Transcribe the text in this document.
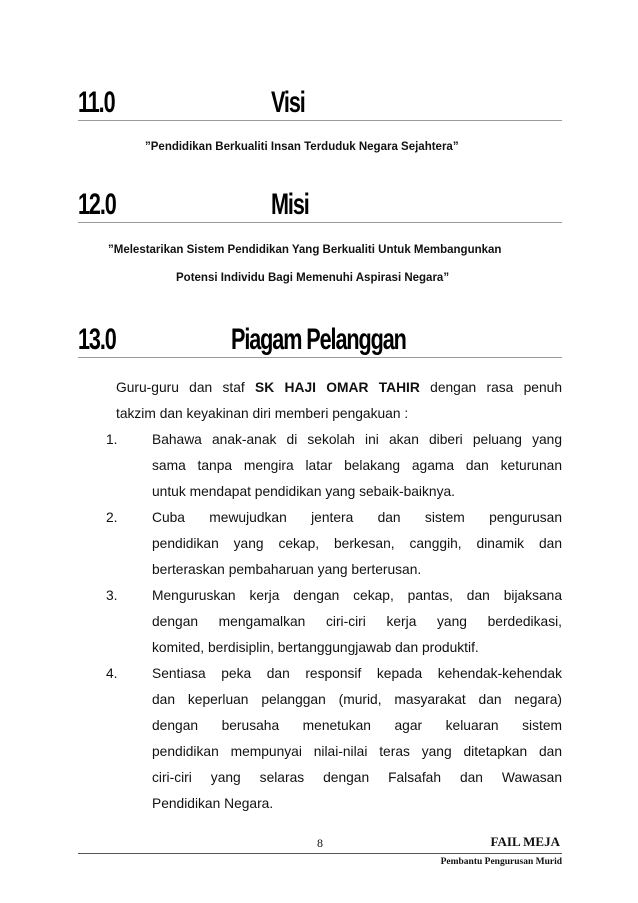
11.0	Visi
”Pendidikan Berkualiti Insan Terduduk Negara Sejahtera”
12.0	Misi
”Melestarikan Sistem Pendidikan Yang Berkualiti Untuk Membangunkan
Potensi Individu Bagi Memenuhi Aspirasi Negara”
13.0	Piagam Pelanggan
Guru-guru dan staf SK HAJI OMAR TAHIR dengan rasa penuh
takzim dan keyakinan diri memberi pengakuan :
1. Bahawa anak-anak di sekolah ini akan diberi peluang yang
sama tanpa mengira latar belakang agama dan keturunan
untuk mendapat pendidikan yang sebaik-baiknya.
2. Cuba mewujudkan jentera dan sistem pengurusan
pendidikan yang cekap, berkesan, canggih, dinamik dan
berteraskan pembaharuan yang berterusan.
3. Menguruskan kerja dengan cekap, pantas, dan bijaksana
dengan mengamalkan ciri-ciri kerja yang berdedikasi,
komited, berdisiplin, bertanggungjawab dan produktif.
4. Sentiasa peka dan responsif kepada kehendak-kehendak
dan keperluan pelanggan (murid, masyarakat dan negara)
dengan berusaha menetukan agar keluaran sistem
pendidikan mempunyai nilai-nilai teras yang ditetapkan dan
ciri-ciri yang selaras dengan Falsafah dan Wawasan
Pendidikan Negara.
8	FAIL MEJA
Pembantu Pengurusan Murid
